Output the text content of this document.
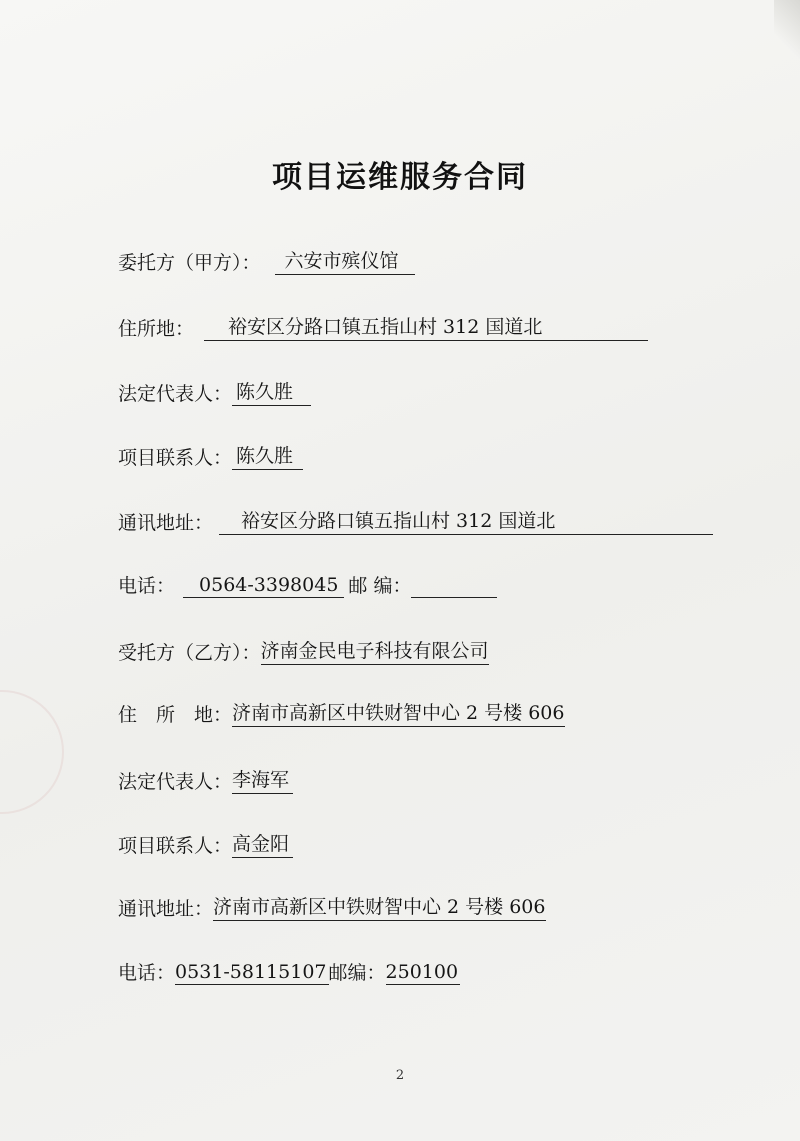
项目运维服务合同
委托方（甲方）：	六安市殡仪馆
住所地：	裕安区分路口镇五指山村 312 国道北
法定代表人： 陈久胜
项目联系人： 陈久胜
通讯地址：	裕安区分路口镇五指山村 312 国道北
电话：	0564-3398045 邮 编：
受托方（乙方）： 济南金民电子科技有限公司
住　所　地： 济南市高新区中铁财智中心 2 号楼 606
法定代表人： 李海军
项目联系人： 高金阳
通讯地址： 济南市高新区中铁财智中心 2 号楼 606
电话： 0531-58115107 邮编： 250100
2
